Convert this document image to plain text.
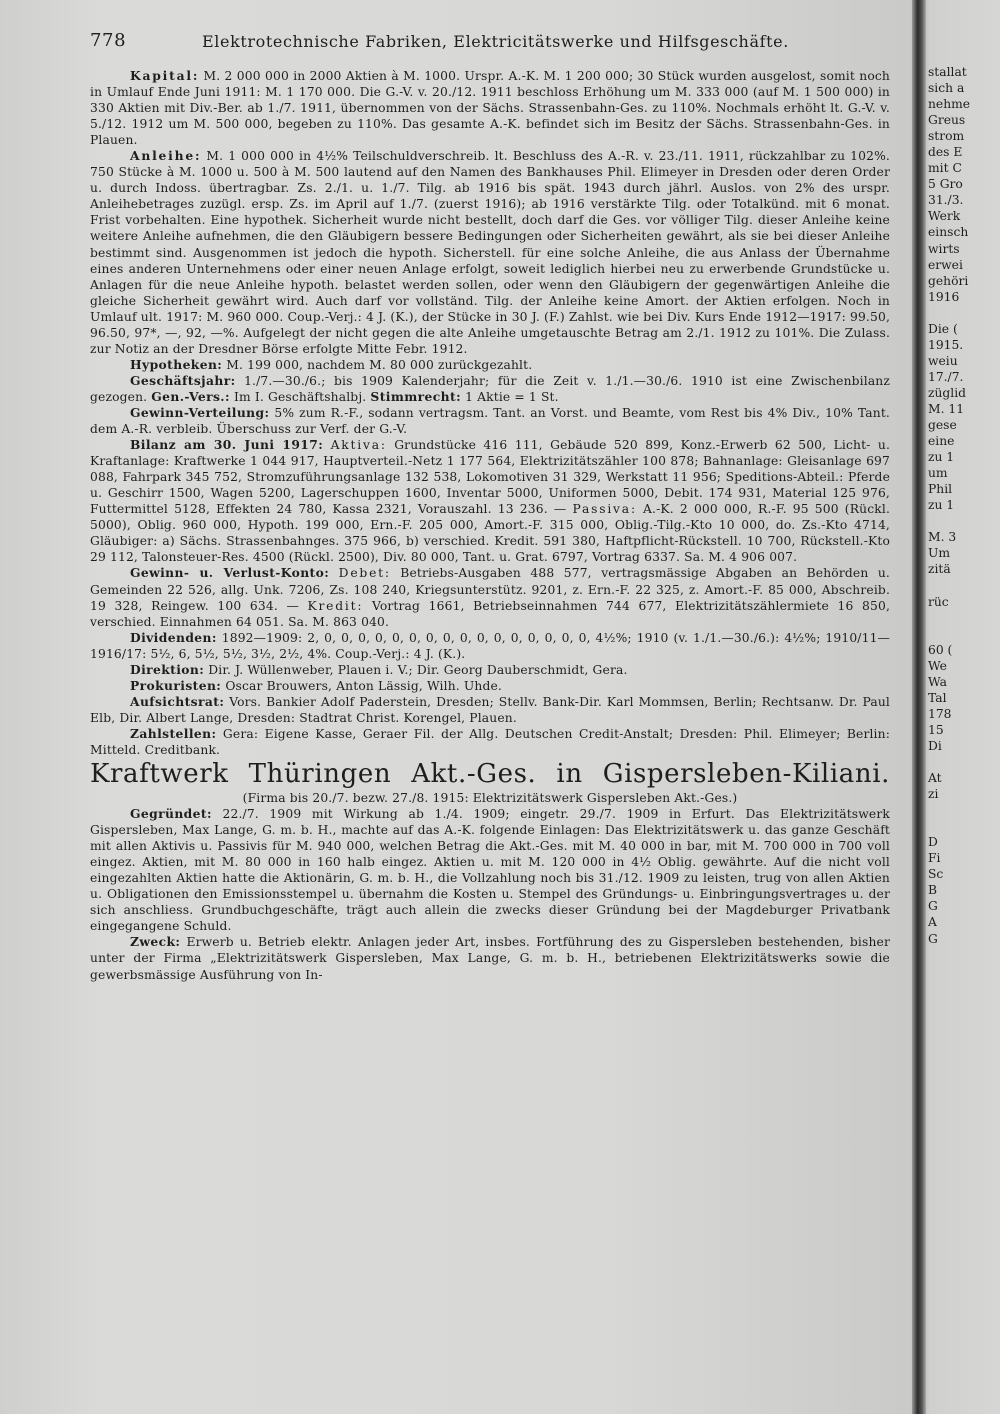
778	Elektrotechnische Fabriken, Elektricitätswerke und Hilfsgeschäfte.

Kapital: M. 2 000 000 in 2000 Aktien à M. 1000. Urspr. A.-K. M. 1 200 000; 30 Stück wurden ausgelost, somit noch in Umlauf Ende Juni 1911: M. 1 170 000. Die G.-V. v. 20./12. 1911 beschloss Erhöhung um M. 333 000 (auf M. 1 500 000) in 330 Aktien mit Div.-Ber. ab 1./7. 1911, übernommen von der Sächs. Strassenbahn-Ges. zu 110%. Nochmals erhöht lt. G.-V. v. 5./12. 1912 um M. 500 000, begeben zu 110%. Das gesamte A.-K. befindet sich im Besitz der Sächs. Strassenbahn-Ges. in Plauen.

Anleihe: M. 1 000 000 in 4½% Teilschuldverschreib. lt. Beschluss des A.-R. v. 23./11. 1911, rückzahlbar zu 102%. 750 Stücke à M. 1000 u. 500 à M. 500 lautend auf den Namen des Bankhauses Phil. Elimeyer in Dresden oder deren Order u. durch Indoss. übertragbar. Zs. 2./1. u. 1./7. Tilg. ab 1916 bis spät. 1943 durch jährl. Auslos. von 2% des urspr. Anleihebetrages zuzügl. ersp. Zs. im April auf 1./7. (zuerst 1916); ab 1916 verstärkte Tilg. oder Totalkünd. mit 6 monat. Frist vorbehalten. Eine hypothek. Sicherheit wurde nicht bestellt, doch darf die Ges. vor völliger Tilg. dieser Anleihe keine weitere Anleihe aufnehmen, die den Gläubigern bessere Bedingungen oder Sicherheiten gewährt, als sie bei dieser Anleihe bestimmt sind. Ausgenommen ist jedoch die hypoth. Sicherstell. für eine solche Anleihe, die aus Anlass der Übernahme eines anderen Unternehmens oder einer neuen Anlage erfolgt, soweit lediglich hierbei neu zu erwerbende Grundstücke u. Anlagen für die neue Anleihe hypoth. belastet werden sollen, oder wenn den Gläubigern der gegenwärtigen Anleihe die gleiche Sicherheit gewährt wird. Auch darf vor vollständ. Tilg. der Anleihe keine Amort. der Aktien erfolgen. Noch in Umlauf ult. 1917: M. 960 000. Coup.-Verj.: 4 J. (K.), der Stücke in 30 J. (F.) Zahlst. wie bei Div. Kurs Ende 1912—1917: 99.50, 96.50, 97*, —, 92, —%. Aufgelegt der nicht gegen die alte Anleihe umgetauschte Betrag am 2./1. 1912 zu 101%. Die Zulass. zur Notiz an der Dresdner Börse erfolgte Mitte Febr. 1912.

Hypotheken: M. 199 000, nachdem M. 80 000 zurückgezahlt.

Geschäftsjahr: 1./7.—30./6.; bis 1909 Kalenderjahr; für die Zeit v. 1./1.—30./6. 1910 ist eine Zwischenbilanz gezogen. Gen.-Vers.: Im I. Geschäftshalbj. Stimmrecht: 1 Aktie = 1 St.

Gewinn-Verteilung: 5% zum R.-F., sodann vertragsm. Tant. an Vorst. und Beamte, vom Rest bis 4% Div., 10% Tant. dem A.-R. verbleib. Überschuss zur Verf. der G.-V.

Bilanz am 30. Juni 1917: Aktiva: Grundstücke 416 111, Gebäude 520 899, Konz.-Erwerb 62 500, Licht- u. Kraftanlage: Kraftwerke 1 044 917, Hauptverteil.-Netz 1 177 564, Elektrizitätszähler 100 878; Bahnanlage: Gleisanlage 697 088, Fahrpark 345 752, Stromzuführungsanlage 132 538, Lokomotiven 31 329, Werkstatt 11 956; Speditions-Abteil.: Pferde u. Geschirr 1500, Wagen 5200, Lagerschuppen 1600, Inventar 5000, Uniformen 5000, Debit. 174 931, Material 125 976, Futtermittel 5128, Effekten 24 780, Kassa 2321, Vorauszahl. 13 236. — Passiva: A.-K. 2 000 000, R.-F. 95 500 (Rückl. 5000), Oblig. 960 000, Hypoth. 199 000, Ern.-F. 205 000, Amort.-F. 315 000, Oblig.-Tilg.-Kto 10 000, do. Zs.-Kto 4714, Gläubiger: a) Sächs. Strassenbahnges. 375 966, b) verschied. Kredit. 591 380, Haftpflicht-Rückstell. 10 700, Rückstell.-Kto 29 112, Talonsteuer-Res. 4500 (Rückl. 2500), Div. 80 000, Tant. u. Grat. 6797, Vortrag 6337. Sa. M. 4 906 007.

Gewinn- u. Verlust-Konto: Debet: Betriebs-Ausgaben 488 577, vertragsmässige Abgaben an Behörden u. Gemeinden 22 526, allg. Unk. 7206, Zs. 108 240, Kriegsunterstütz. 9201, z. Ern.-F. 22 325, z. Amort.-F. 85 000, Abschreib. 19 328, Reingew. 100 634. — Kredit: Vortrag 1661, Betriebseinnahmen 744 677, Elektrizitätszählermiete 16 850, verschied. Einnahmen 64 051. Sa. M. 863 040.

Dividenden: 1892—1909: 2, 0, 0, 0, 0, 0, 0, 0, 0, 0, 0, 0, 0, 0, 0, 0, 0, 4½%; 1910 (v. 1./1.—30./6.): 4½%; 1910/11—1916/17: 5½, 6, 5½, 5½, 3½, 2½, 4%. Coup.-Verj.: 4 J. (K.).

Direktion: Dir. J. Wüllenweber, Plauen i. V.; Dir. Georg Dauberschmidt, Gera.

Prokuristen: Oscar Brouwers, Anton Lässig, Wilh. Uhde.

Aufsichtsrat: Vors. Bankier Adolf Paderstein, Dresden; Stellv. Bank-Dir. Karl Mommsen, Berlin; Rechtsanw. Dr. Paul Elb, Dir. Albert Lange, Dresden: Stadtrat Christ. Korengel, Plauen.

Zahlstellen: Gera: Eigene Kasse, Geraer Fil. der Allg. Deutschen Credit-Anstalt; Dresden: Phil. Elimeyer; Berlin: Mitteld. Creditbank.

Kraftwerk Thüringen Akt.-Ges. in Gispersleben-Kiliani.

(Firma bis 20./7. bezw. 27./8. 1915: Elektrizitätswerk Gispersleben Akt.-Ges.)

Gegründet: 22./7. 1909 mit Wirkung ab 1./4. 1909; eingetr. 29./7. 1909 in Erfurt. Das Elektrizitätswerk Gispersleben, Max Lange, G. m. b. H., machte auf das A.-K. folgende Einlagen: Das Elektrizitätswerk u. das ganze Geschäft mit allen Aktivis u. Passivis für M. 940 000, welchen Betrag die Akt.-Ges. mit M. 40 000 in bar, mit M. 700 000 in 700 voll eingez. Aktien, mit M. 80 000 in 160 halb eingez. Aktien u. mit M. 120 000 in 4½ Oblig. gewährte. Auf die nicht voll eingezahlten Aktien hatte die Aktionärin, G. m. b. H., die Vollzahlung noch bis 31./12. 1909 zu leisten, trug von allen Aktien u. Obligationen den Emissionsstempel u. übernahm die Kosten u. Stempel des Gründungs- u. Einbringungsvertrages u. der sich anschliess. Grundbuchgeschäfte, trägt auch allein die zwecks dieser Gründung bei der Magdeburger Privatbank eingegangene Schuld.

Zweck: Erwerb u. Betrieb elektr. Anlagen jeder Art, insbes. Fortführung des zu Gispersleben bestehenden, bisher unter der Firma „Elektrizitätswerk Gispersleben, Max Lange, G. m. b. H., betriebenen Elektrizitätswerks sowie die gewerbsmässige Ausführung von In-

stallat
sich a
nehme
Greus
strom
des E
mit C
5 Gro
31./3.
Werk
einsch
wirts
erwei
gehöri
1916

Die (
1915.
weiu
17./7.
züglid
M. 11
gese
eine
zu 1
um
Phil
zu 1

M. 3
Um
zitä

rüc

60 (
We
Wa
Tal
178
15
Di

At
zi

D
Fi
Sc
B
G
A
G
